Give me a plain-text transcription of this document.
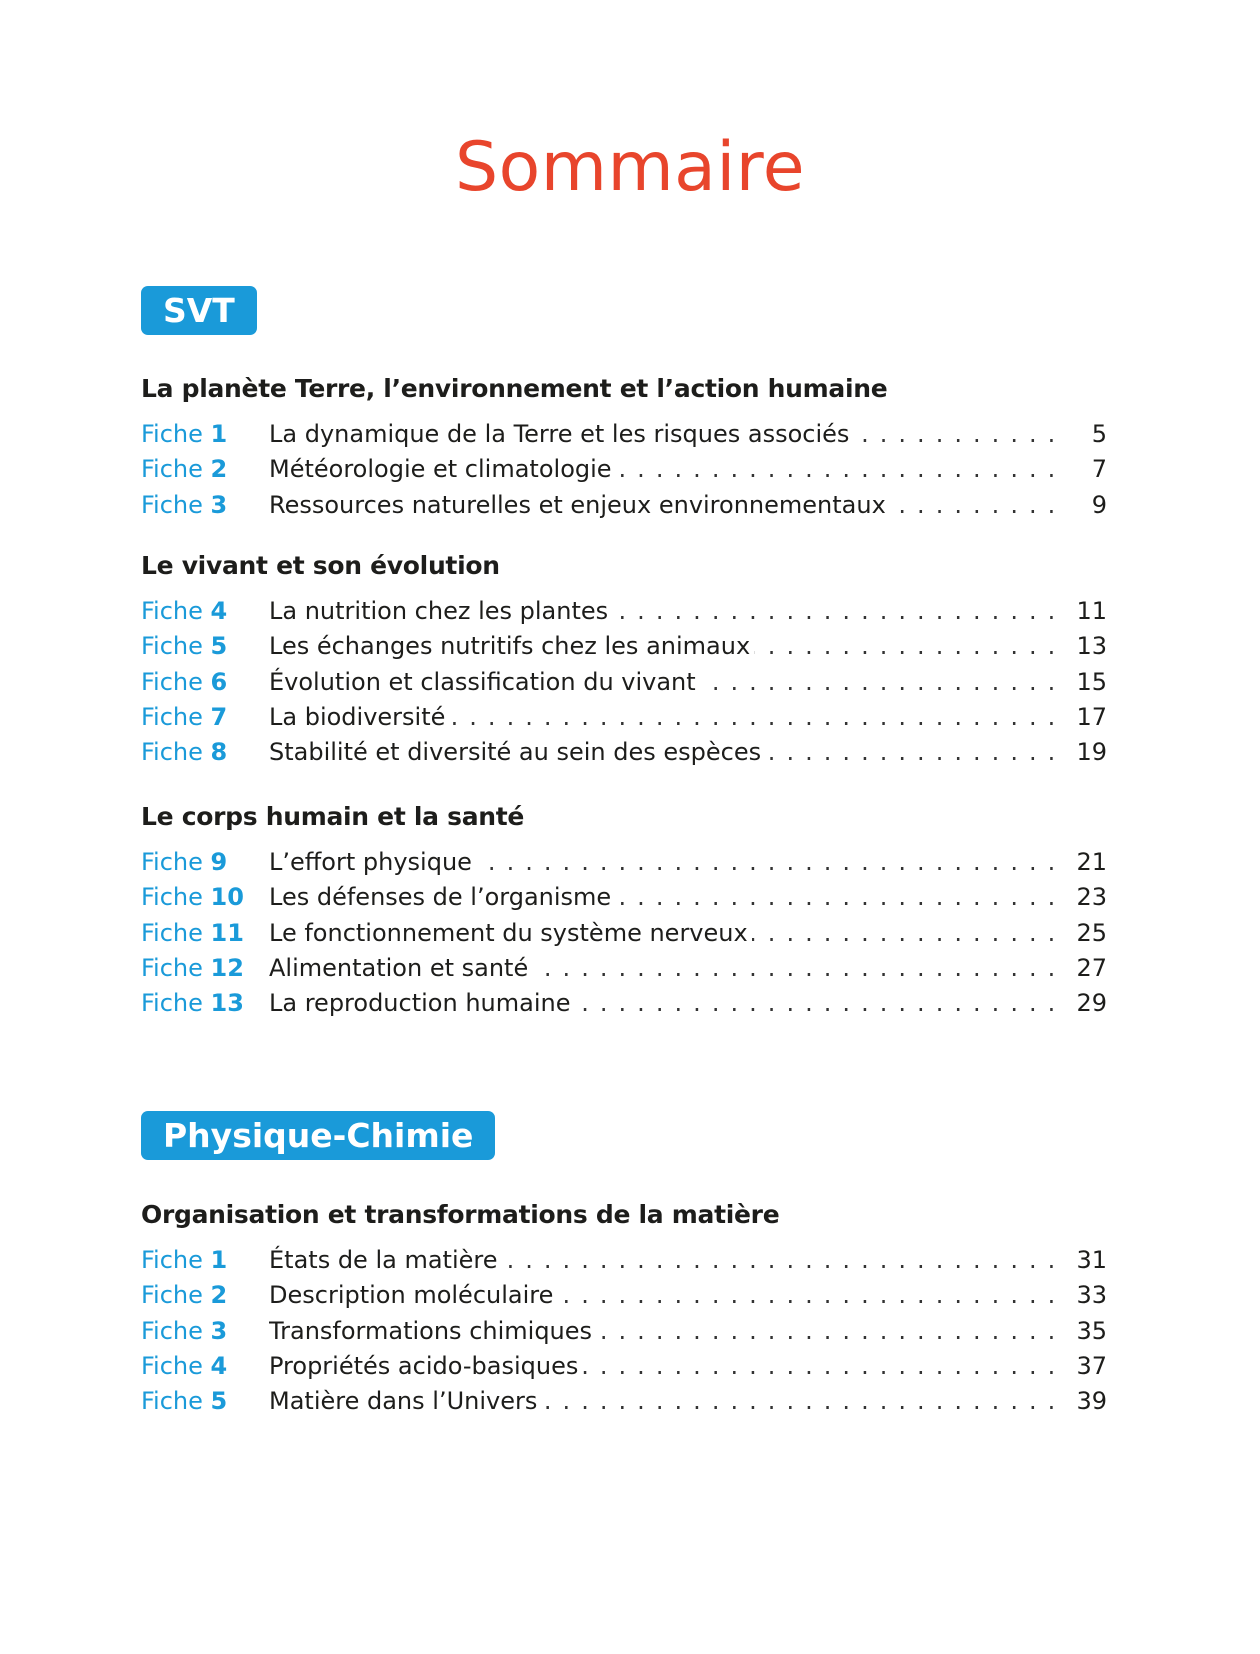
Sommaire
SVT
La planète Terre, l’environnement et l’action humaine
Fiche 1 La dynamique de la Terre et les risques associés . . .	5
Fiche 2 Météorologie et climatologie . . .	7
Fiche 3 Ressources naturelles et enjeux environnementaux . . .	9
Le vivant et son évolution
Fiche 4 La nutrition chez les plantes . . .	11
Fiche 5 Les échanges nutritifs chez les animaux . . .	13
Fiche 6 Évolution et classification du vivant . . .	15
Fiche 7 La biodiversité . . .	17
Fiche 8 Stabilité et diversité au sein des espèces . . .	19
Le corps humain et la santé
Fiche 9 L’effort physique . . .	21
Fiche 10 Les défenses de l’organisme . . .	23
Fiche 11 Le fonctionnement du système nerveux . . .	25
Fiche 12 Alimentation et santé . . .	27
Fiche 13 La reproduction humaine . . .	29
Physique-Chimie
Organisation et transformations de la matière
Fiche 1 États de la matière . . .	31
Fiche 2 Description moléculaire . . .	33
Fiche 3 Transformations chimiques . . .	35
Fiche 4 Propriétés acido-basiques . . .	37
Fiche 5 Matière dans l’Univers . . .	39
